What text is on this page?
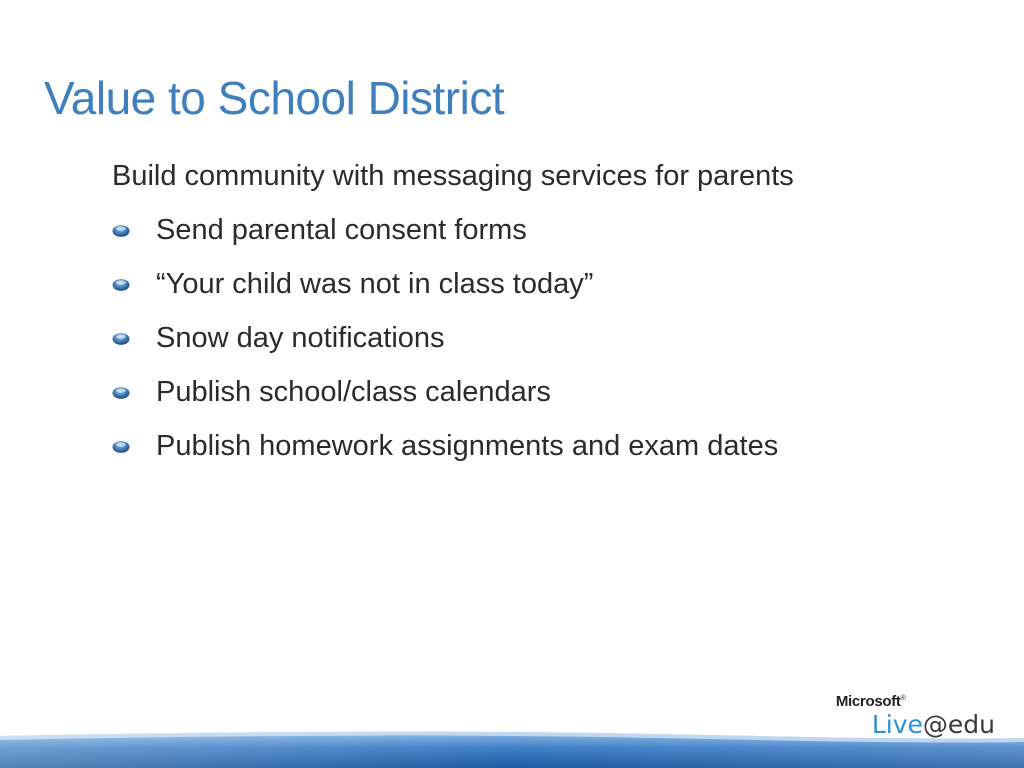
Value to School District
Build community with messaging services for parents
Send parental consent forms
“Your child was not in class today”
Snow day notifications
Publish school/class calendars
Publish homework assignments and exam dates
Microsoft®
Live@edu
